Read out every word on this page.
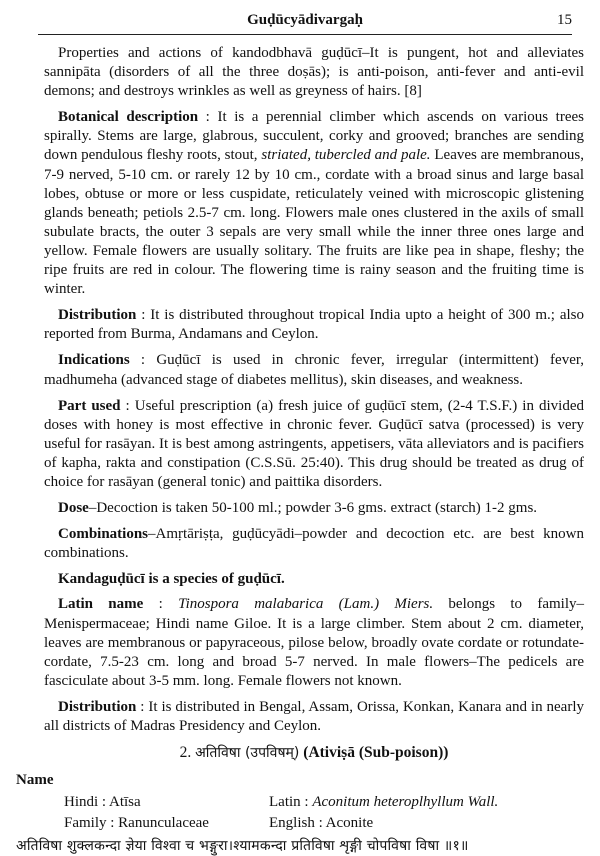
Guḍūcyādivargaḥ	15

Properties and actions of kandodbhavā guḍūcī–It is pungent, hot and alleviates sannipāta (disorders of all the three doṣās); is anti-poison, anti-fever and anti-evil demons; and destroys wrinkles as well as greyness of hairs. [8]

Botanical description : It is a perennial climber which ascends on various trees spirally. Stems are large, glabrous, succulent, corky and grooved; branches are sending down pendulous fleshy roots, stout, striated, tubercled and pale. Leaves are membranous, 7-9 nerved, 5-10 cm. or rarely 12 by 10 cm., cordate with a broad sinus and large basal lobes, obtuse or more or less cuspidate, reticulately veined with microscopic glistening glands beneath; petiols 2.5-7 cm. long. Flowers male ones clustered in the axils of small subulate bracts, the outer 3 sepals are very small while the inner three ones large and yellow. Female flowers are usually solitary. The fruits are like pea in shape, fleshy; the ripe fruits are red in colour. The flowering time is rainy season and the fruiting time is winter.

Distribution : It is distributed throughout tropical India upto a height of 300 m.; also reported from Burma, Andamans and Ceylon.

Indications : Guḍūcī is used in chronic fever, irregular (intermittent) fever, madhumeha (advanced stage of diabetes mellitus), skin diseases, and weakness.

Part used : Useful prescription (a) fresh juice of guḍūcī stem, (2-4 T.S.F.) in divided doses with honey is most effective in chronic fever. Guḍūcī satva (processed) is very useful for rasāyan. It is best among astringents, appetisers, vāta alleviators and is pacifiers of kapha, rakta and constipation (C.S.Sū. 25:40). This drug should be treated as drug of choice for rasāyan (general tonic) and paittika disorders.

Dose–Decoction is taken 50-100 ml.; powder 3-6 gms. extract (starch) 1-2 gms.

Combinations–Amṛtāriṣṭa, guḍūcyādi–powder and decoction etc. are best known combinations.

Kandaguḍūcī is a species of guḍūcī.

Latin name : Tinospora malabarica (Lam.) Miers. belongs to family–Menispermaceae; Hindi name Giloe. It is a large climber. Stem about 2 cm. diameter, leaves are membranous or papyraceous, pilose below, broadly ovate cordate or rotundate-cordate, 7.5-23 cm. long and broad 5-7 nerved. In male flowers–The pedicels are fasciculate about 3-5 mm. long. Female flowers not known.

Distribution : It is distributed in Bengal, Assam, Orissa, Konkan, Kanara and in nearly all districts of Madras Presidency and Ceylon.

2. अतिविषा (उपविषम्) (Ativiṣā (Sub-poison))
Name
Hindi : Atīsa	Latin : Aconitum heteroplhyllum Wall.
Family : Ranunculaceae	English : Aconite
अतिविषा शुक्लकन्दा ज्ञेया विश्वा च भङ्गुरा।श्यामकन्दा प्रतिविषा शृङ्गी चोपविषा विषा ॥१॥
